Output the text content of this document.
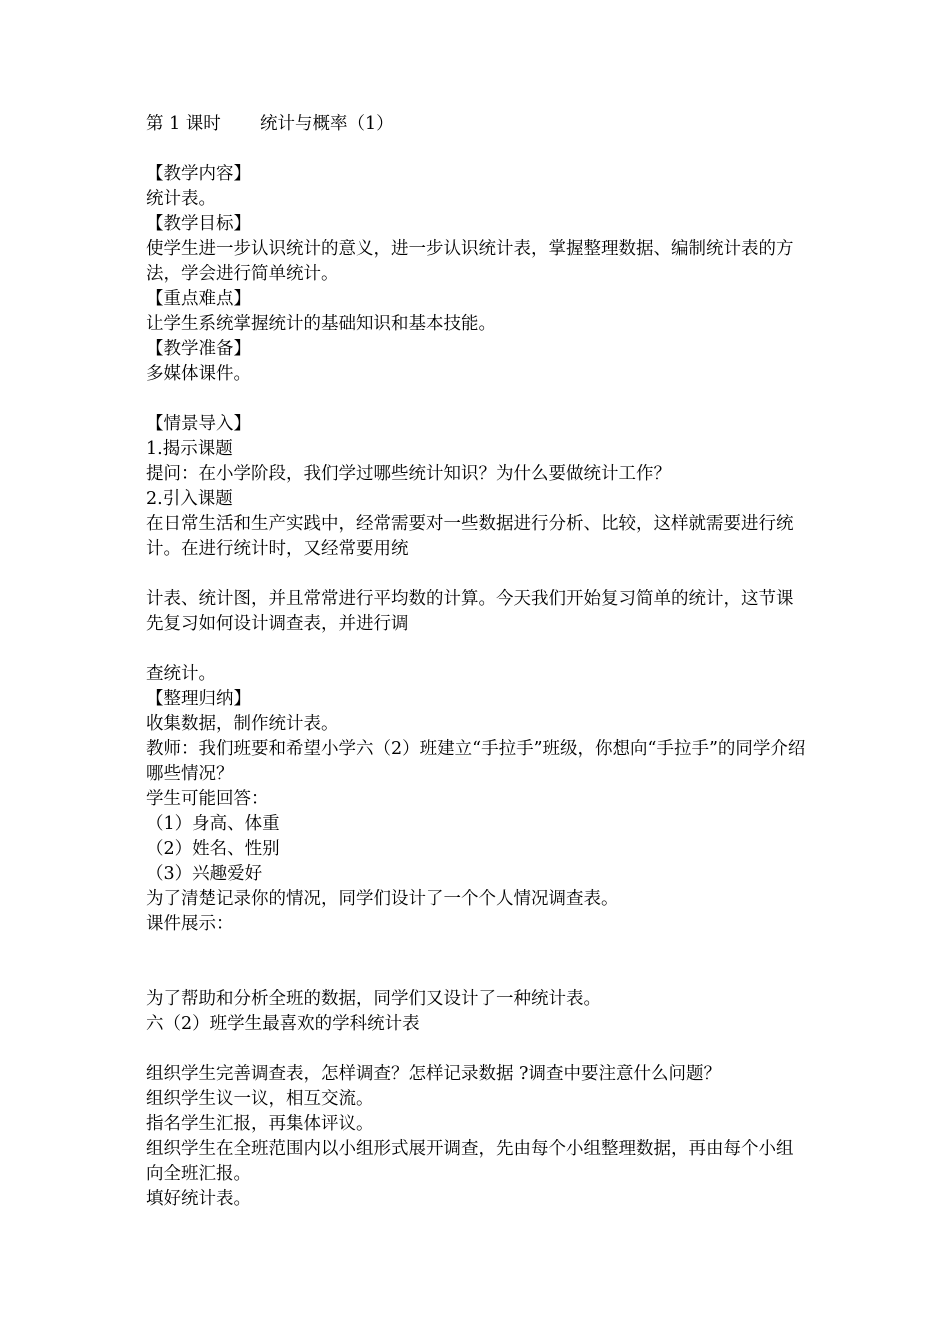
第 1 课时 统计与概率（1）
【教学内容】
统计表。
【教学目标】
使学生进一步认识统计的意义，进一步认识统计表，掌握整理数据、编制统计表的方法，学会进行简单统计。
【重点难点】
让学生系统掌握统计的基础知识和基本技能。
【教学准备】
多媒体课件。
【情景导入】
1.揭示课题
提问：在小学阶段，我们学过哪些统计知识？为什么要做统计工作？
2.引入课题
在日常生活和生产实践中，经常需要对一些数据进行分析、比较，这样就需要进行统计。在进行统计时，又经常要用统
计表、统计图，并且常常进行平均数的计算。今天我们开始复习简单的统计，这节课先复习如何设计调查表，并进行调
查统计。
【整理归纳】
收集数据，制作统计表。
教师：我们班要和希望小学六（2）班建立“手拉手”班级，你想向“手拉手”的同学介绍哪些情况？
学生可能回答：
（1）身高、体重
（2）姓名、性别
（3）兴趣爱好
为了清楚记录你的情况，同学们设计了一个个人情况调查表。
课件展示：
为了帮助和分析全班的数据，同学们又设计了一种统计表。
六（2）班学生最喜欢的学科统计表
组织学生完善调查表，怎样调查？怎样记录数据 ?调查中要注意什么问题？
组织学生议一议，相互交流。
指名学生汇报，再集体评议。
组织学生在全班范围内以小组形式展开调查，先由每个小组整理数据，再由每个小组向全班汇报。
填好统计表。
